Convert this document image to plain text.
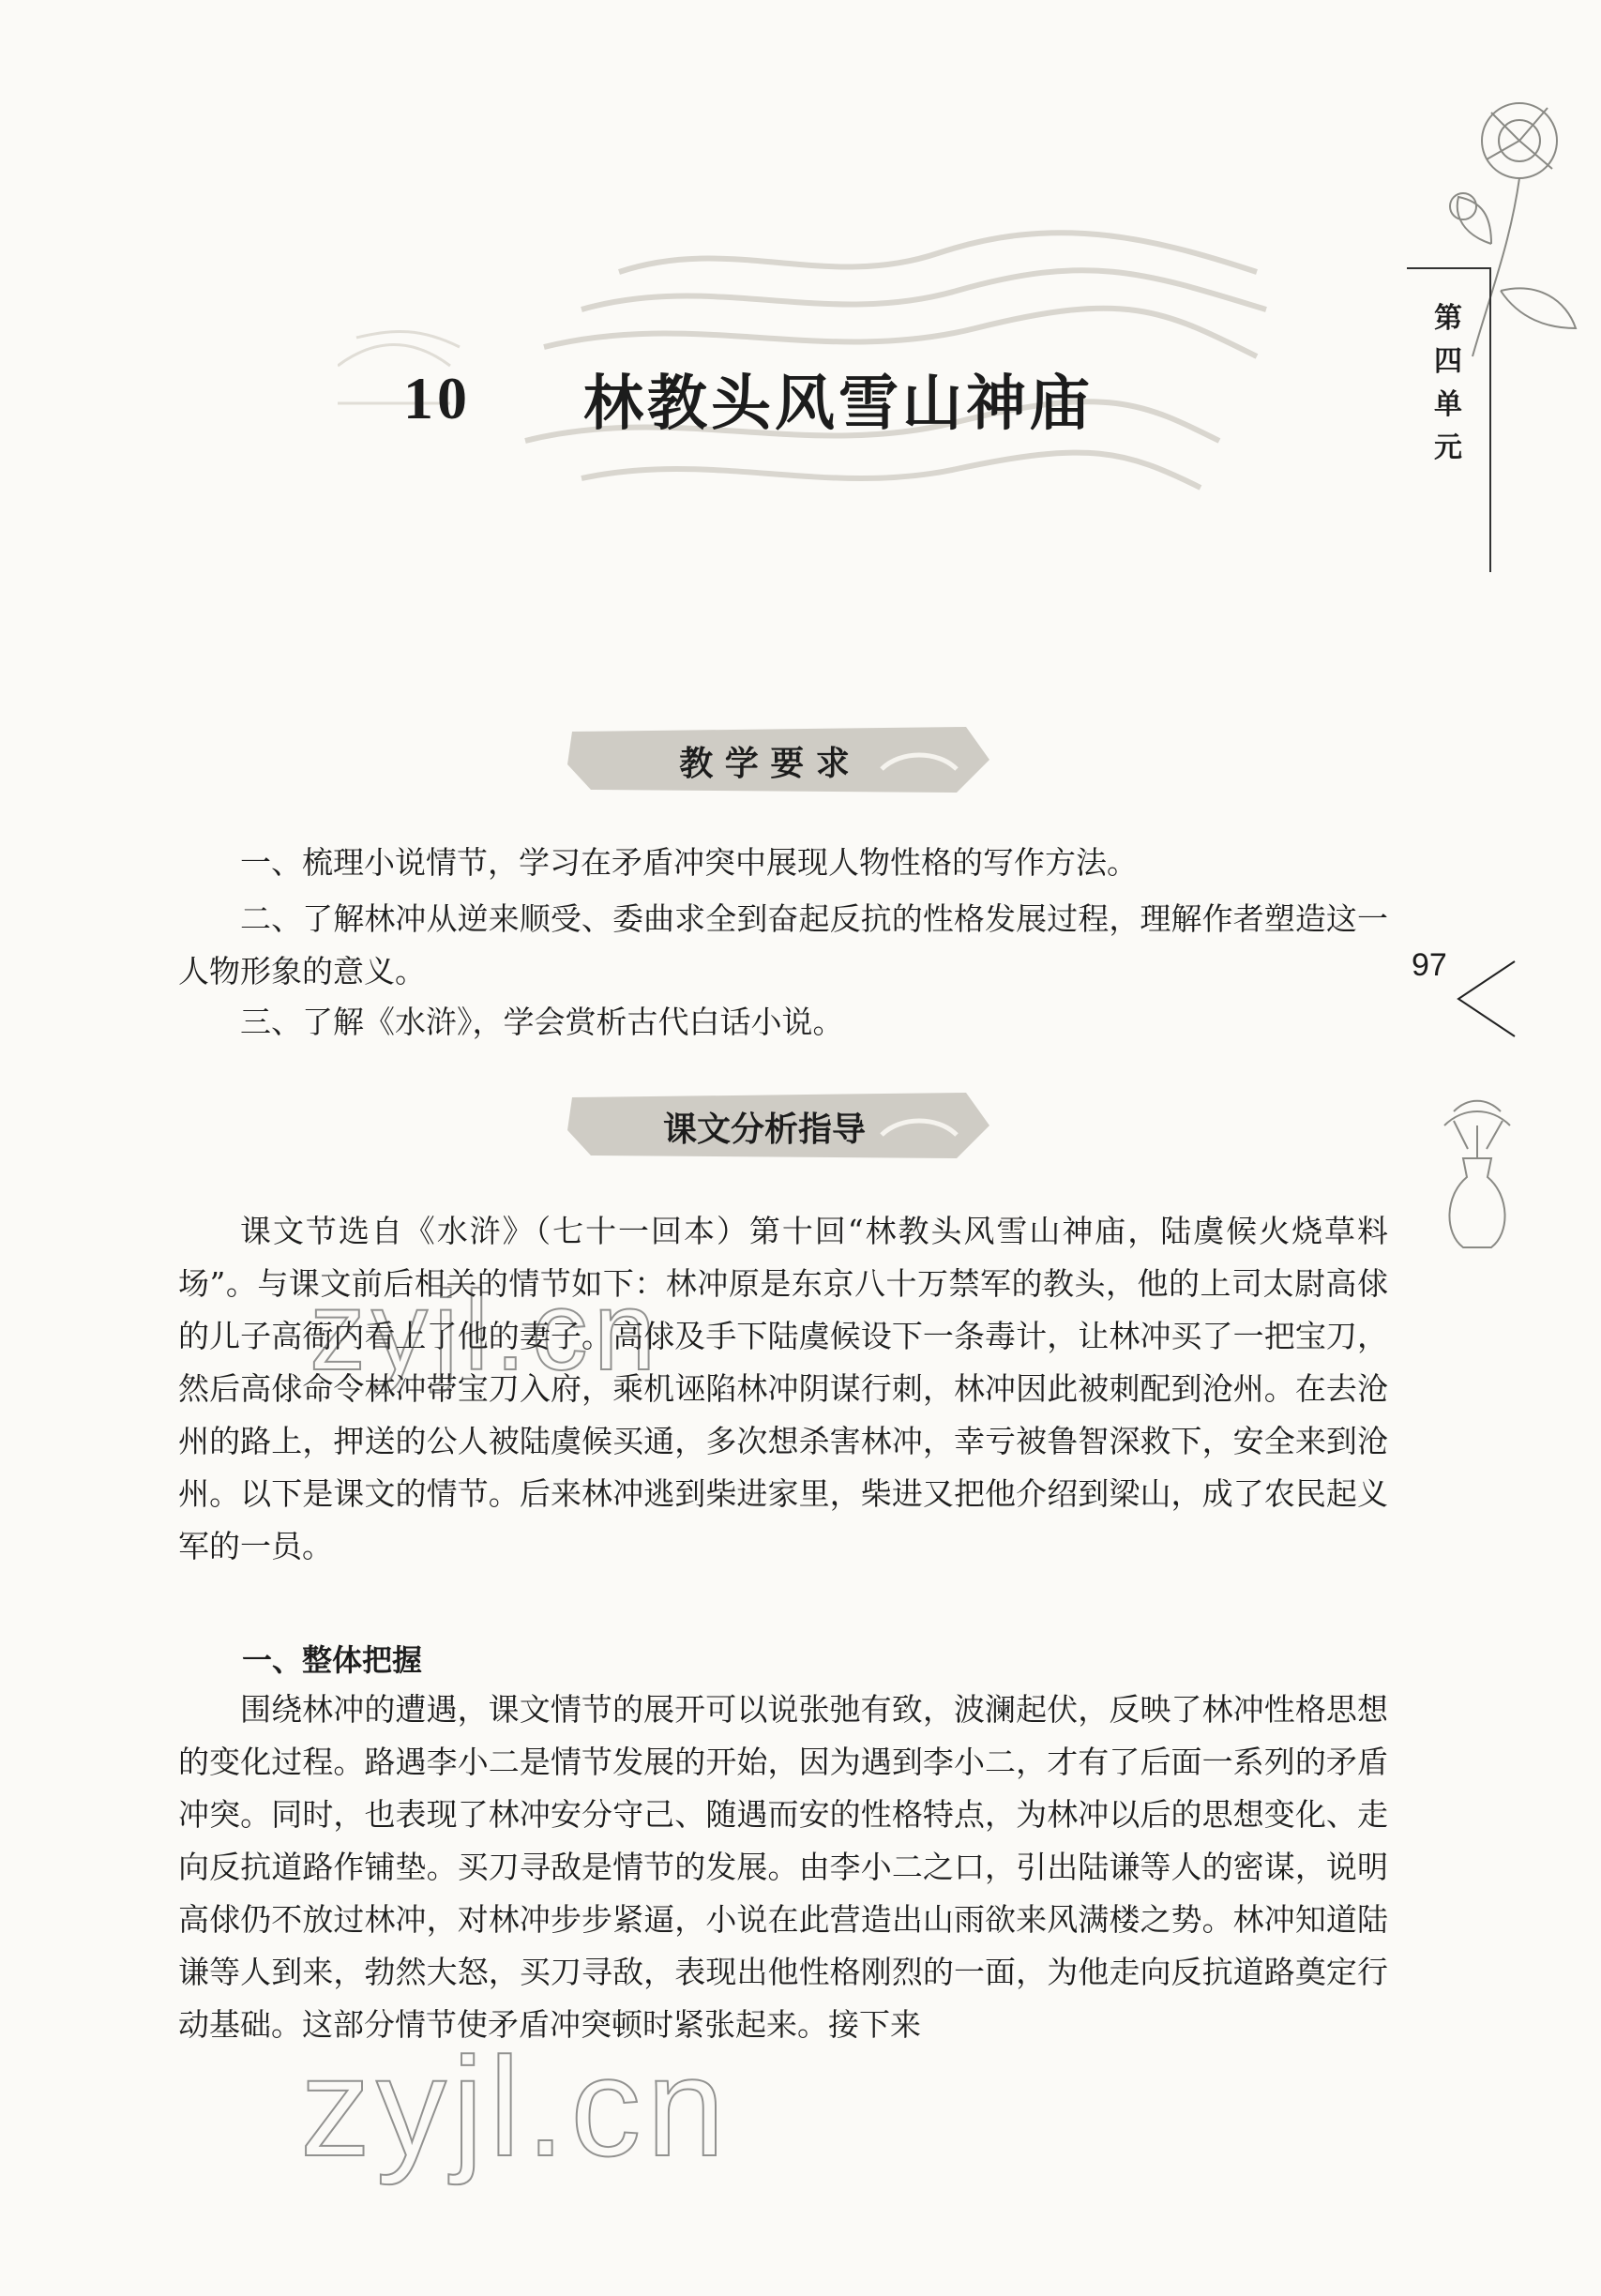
10 林教头风雪山神庙
第
四
单
元
97
教 学 要 求

一、梳理小说情节，学习在矛盾冲突中展现人物性格的写作方法。

二、了解林冲从逆来顺受、委曲求全到奋起反抗的性格发展过程，理解作者塑造这一人物形象的意义。

三、了解《水浒》，学会赏析古代白话小说。

课文分析指导

课文节选自《水浒》（七十一回本）第十回“林教头风雪山神庙，陆虞候火烧草料场”。与课文前后相关的情节如下：林冲原是东京八十万禁军的教头，他的上司太尉高俅的儿子高衙内看上了他的妻子。高俅及手下陆虞候设下一条毒计，让林冲买了一把宝刀，然后高俅命令林冲带宝刀入府，乘机诬陷林冲阴谋行刺，林冲因此被刺配到沧州。在去沧州的路上，押送的公人被陆虞候买通，多次想杀害林冲，幸亏被鲁智深救下，安全来到沧州。以下是课文的情节。后来林冲逃到柴进家里，柴进又把他介绍到梁山，成了农民起义军的一员。

一、整体把握

围绕林冲的遭遇，课文情节的展开可以说张弛有致，波澜起伏，反映了林冲性格思想的变化过程。路遇李小二是情节发展的开始，因为遇到李小二，才有了后面一系列的矛盾冲突。同时，也表现了林冲安分守己、随遇而安的性格特点，为林冲以后的思想变化、走向反抗道路作铺垫。买刀寻敌是情节的发展。由李小二之口，引出陆谦等人的密谋，说明高俅仍不放过林冲，对林冲步步紧逼，小说在此营造出山雨欲来风满楼之势。林冲知道陆谦等人到来，勃然大怒，买刀寻敌，表现出他性格刚烈的一面，为他走向反抗道路奠定行动基础。这部分情节使矛盾冲突顿时紧张起来。接下来

zyjl.cn
zyjl.cn
